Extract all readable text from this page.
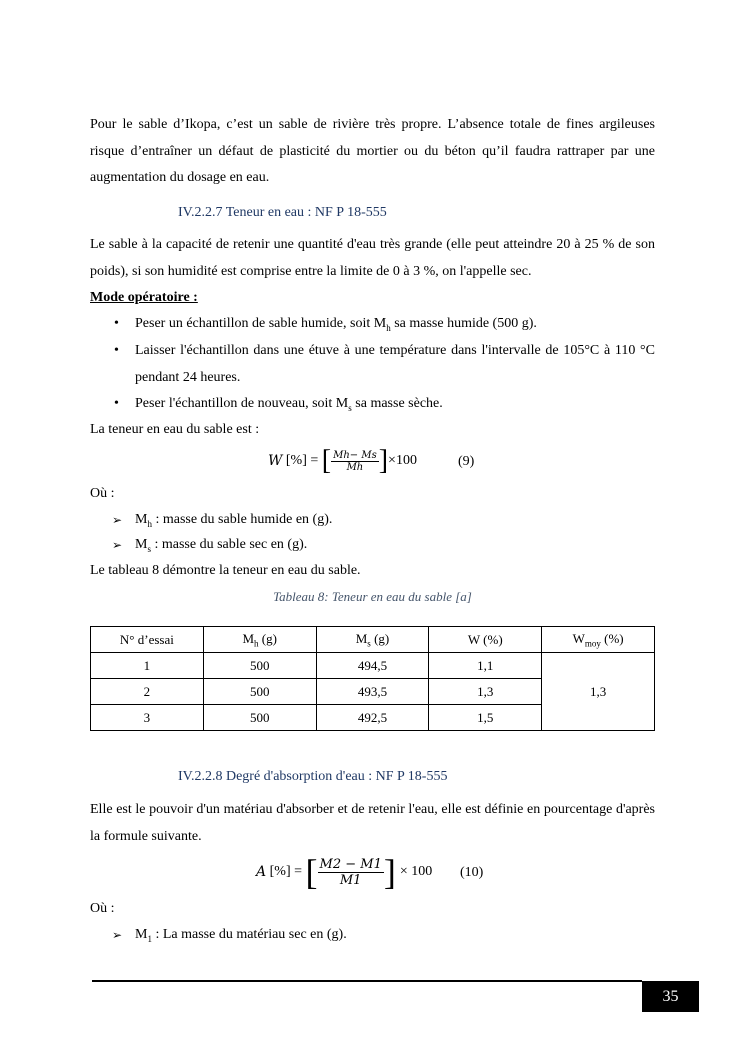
Pour le sable d’Ikopa, c’est un sable de rivière très propre. L’absence totale de fines argileuses risque d’entraîner un défaut de plasticité du mortier ou du béton qu’il faudra rattraper par une augmentation du dosage en eau.
IV.2.2.7 Teneur en eau : NF P 18-555
Le sable à la capacité de retenir une quantité d'eau très grande (elle peut atteindre 20 à 25 % de son poids), si son humidité est comprise entre la limite de 0 à 3 %, on l'appelle sec.
Mode opératoire :
• Peser un échantillon de sable humide, soit $M_h$ sa masse humide (500 g).
• Laisser l'échantillon dans une étuve à une température dans l'intervalle de 105°C à 110 °C pendant 24 heures.
• Peser l'échantillon de nouveau, soit $M_s$ sa masse sèche.
La teneur en eau du sable est :
W [%] = [ $\frac{Mh- Ms}{Mh}$ ] ×100	(9)
Où :
➢ $M_h$ : masse du sable humide en (g).
➢ $M_s$ : masse du sable sec en (g).
Le tableau 8 démontre la teneur en eau du sable.
Tableau 8: Teneur en eau du sable [a]
N° d’essai	$M_h$ (g)	$M_s$ (g)	W (%)	$W_{moy}$ (%)
1	500	494,5	1,1	1,3
2	500	493,5	1,3	
3	500	492,5	1,5	
IV.2.2.8 Degré d'absorption d'eau : NF P 18-555
Elle est le pouvoir d'un matériau d'absorber et de retenir l'eau, elle est définie en pourcentage d'après la formule suivante.
A [%] = [ $\frac{M2 - M1}{M1}$ ] × 100 (10)
Où :
➢ $M_1$ : La masse du matériau sec en (g).
35
